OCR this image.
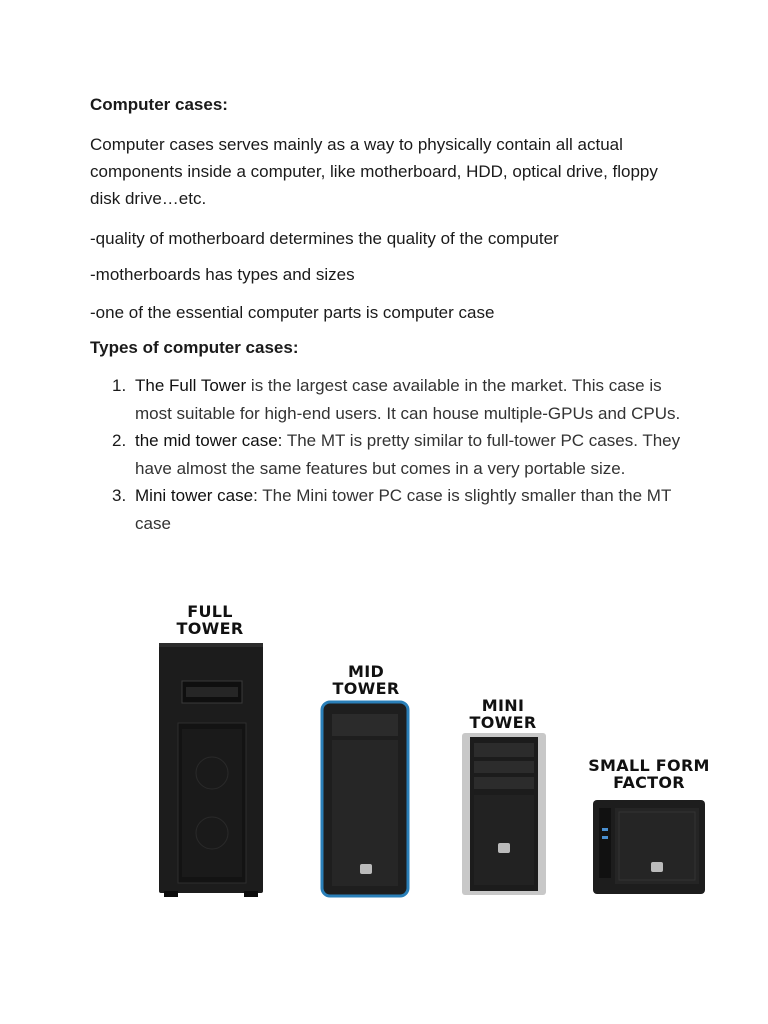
Computer cases:

Computer cases serves mainly as a way to physically contain all actual components inside a computer, like motherboard, HDD, optical drive, floppy disk drive…etc.

-quality of motherboard determines the quality of the computer

-motherboards has types and sizes

-one of the essential computer parts is computer case

Types of computer cases:

1. The Full Tower is the largest case available in the market. This case is most suitable for high-end users. It can house multiple-GPUs and CPUs.
2. the mid tower case: The MT is pretty similar to full-tower PC cases. They have almost the same features but comes in a very portable size.
3. Mini tower case: The Mini tower PC case is slightly smaller than the MT case
FULL
TOWER
MID
TOWER
MINI
TOWER
SMALL FORM
FACTOR
